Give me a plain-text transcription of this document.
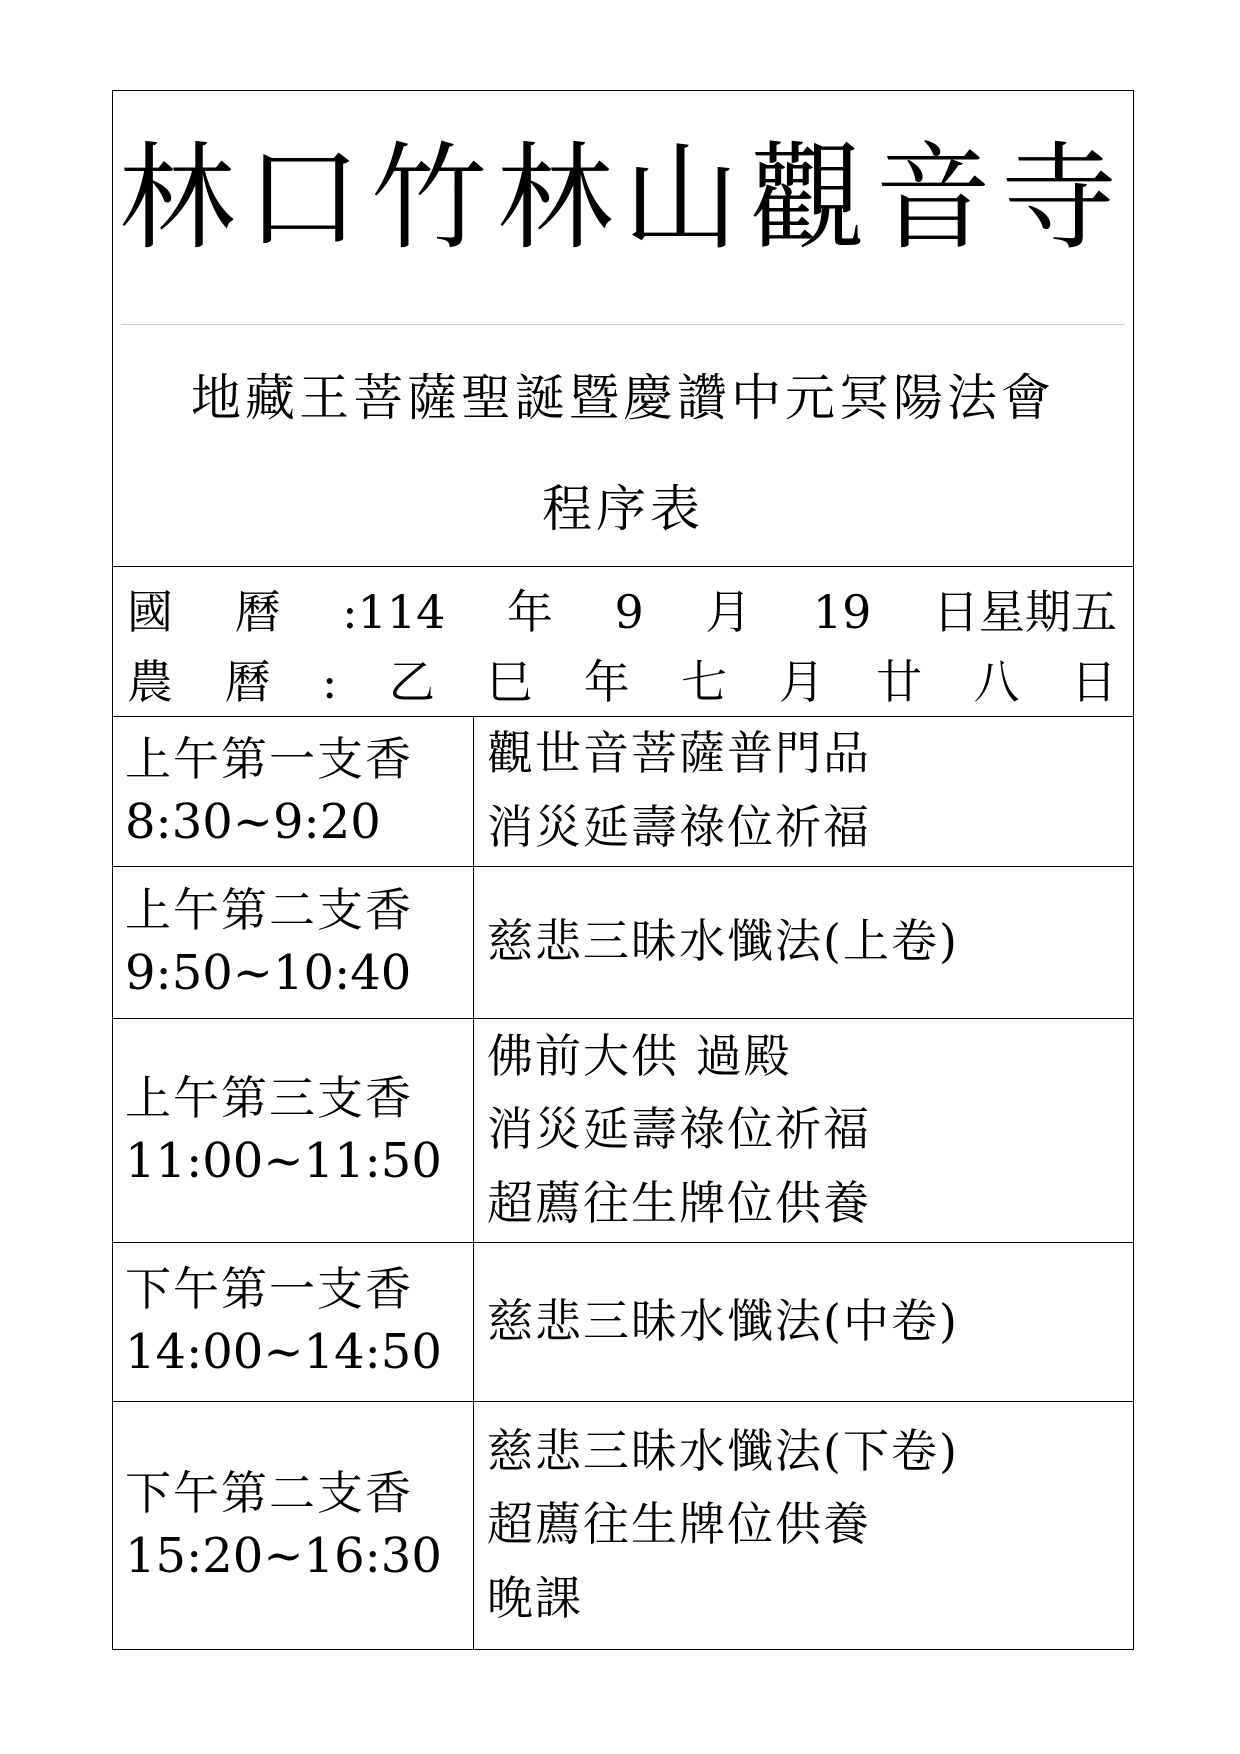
林口竹林山觀音寺
地藏王菩薩聖誕暨慶讚中元冥陽法會
程序表
國 曆 :114 年 9 月 19 日星期五
農 曆 : 乙 巳 年 七 月 廿 八 日
上午第一支香
8:30~9:20
觀世音菩薩普門品
消災延壽祿位祈福
上午第二支香
9:50~10:40
慈悲三昧水懺法(上卷)
上午第三支香
11:00~11:50
佛前大供 過殿
消災延壽祿位祈福
超薦往生牌位供養
下午第一支香
14:00~14:50
慈悲三昧水懺法(中卷)
下午第二支香
15:20~16:30
慈悲三昧水懺法(下卷)
超薦往生牌位供養
晚課
